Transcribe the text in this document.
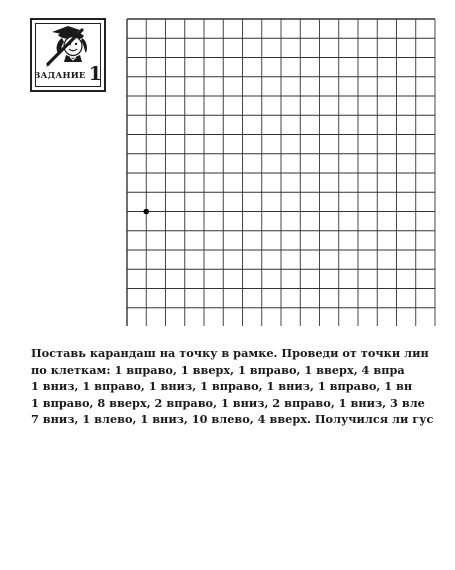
ЗАДАНИЕ 1
Поставь карандаш на точку в рамке. Проведи от точки лин
по клеткам: 1 вправо, 1 вверх, 1 вправо, 1 вверх, 4 впра
1 вниз, 1 вправо, 1 вниз, 1 вправо, 1 вниз, 1 вправо, 1 вн
1 вправо, 8 вверх, 2 вправо, 1 вниз, 2 вправо, 1 вниз, 3 вле
7 вниз, 1 влево, 1 вниз, 10 влево, 4 вверх. Получился ли гус
